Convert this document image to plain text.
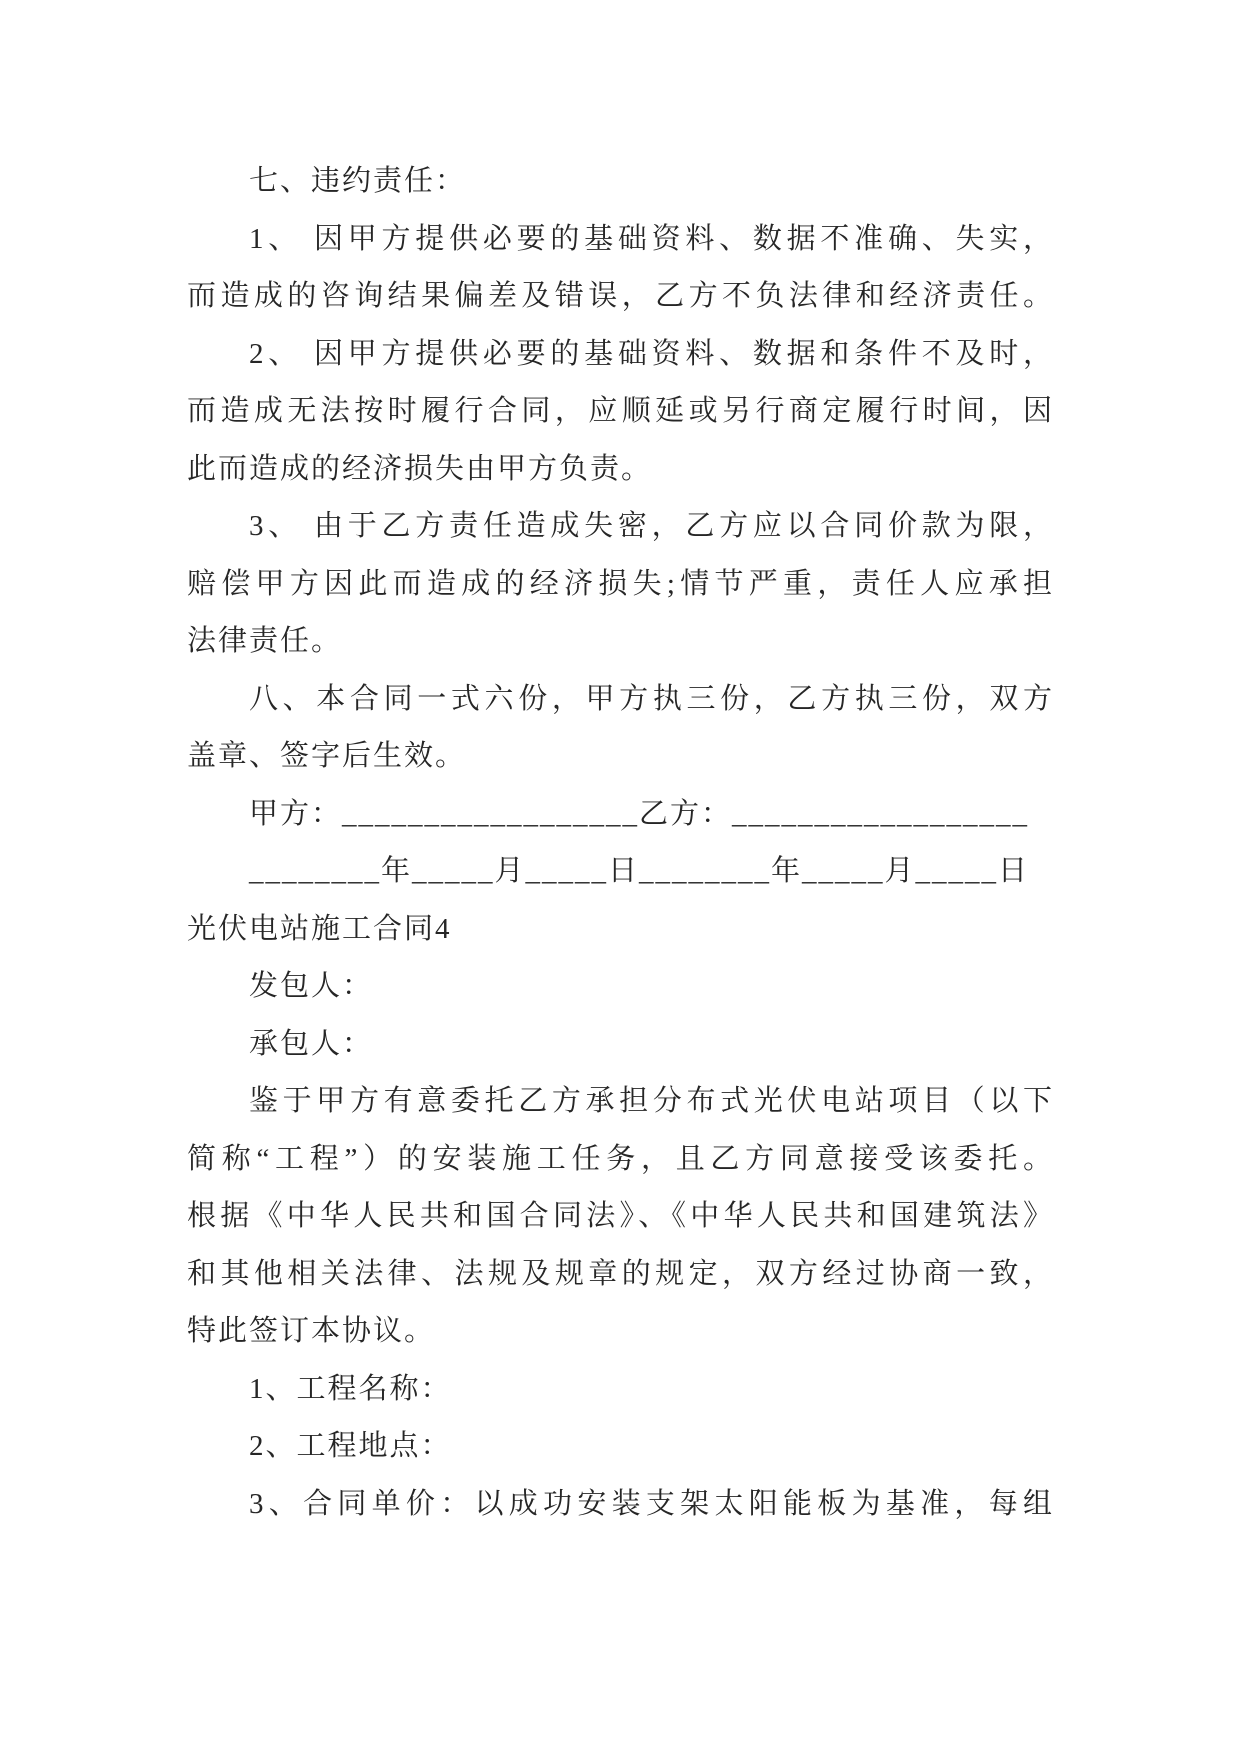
七、违约责任：
1、 因甲方提供必要的基础资料、数据不准确、失实，
而造成的咨询结果偏差及错误，乙方不负法律和经济责任。
2、 因甲方提供必要的基础资料、数据和条件不及时，
而造成无法按时履行合同，应顺延或另行商定履行时间，因
此而造成的经济损失由甲方负责。
3、 由于乙方责任造成失密，乙方应以合同价款为限，
赔偿甲方因此而造成的经济损失;情节严重，责任人应承担
法律责任。
八、本合同一式六份，甲方执三份，乙方执三份，双方
盖章、签字后生效。
甲方：__________________乙方：__________________
________年_____月_____日________年_____月_____日
光伏电站施工合同4
发包人：
承包人：
鉴于甲方有意委托乙方承担分布式光伏电站项目（以下
简称“工程”）的安装施工任务，且乙方同意接受该委托。
根据《中华人民共和国合同法》、《中华人民共和国建筑法》
和其他相关法律、法规及规章的规定，双方经过协商一致，
特此签订本协议。
1、工程名称：
2、工程地点：
3、合同单价：以成功安装支架太阳能板为基准，每组
